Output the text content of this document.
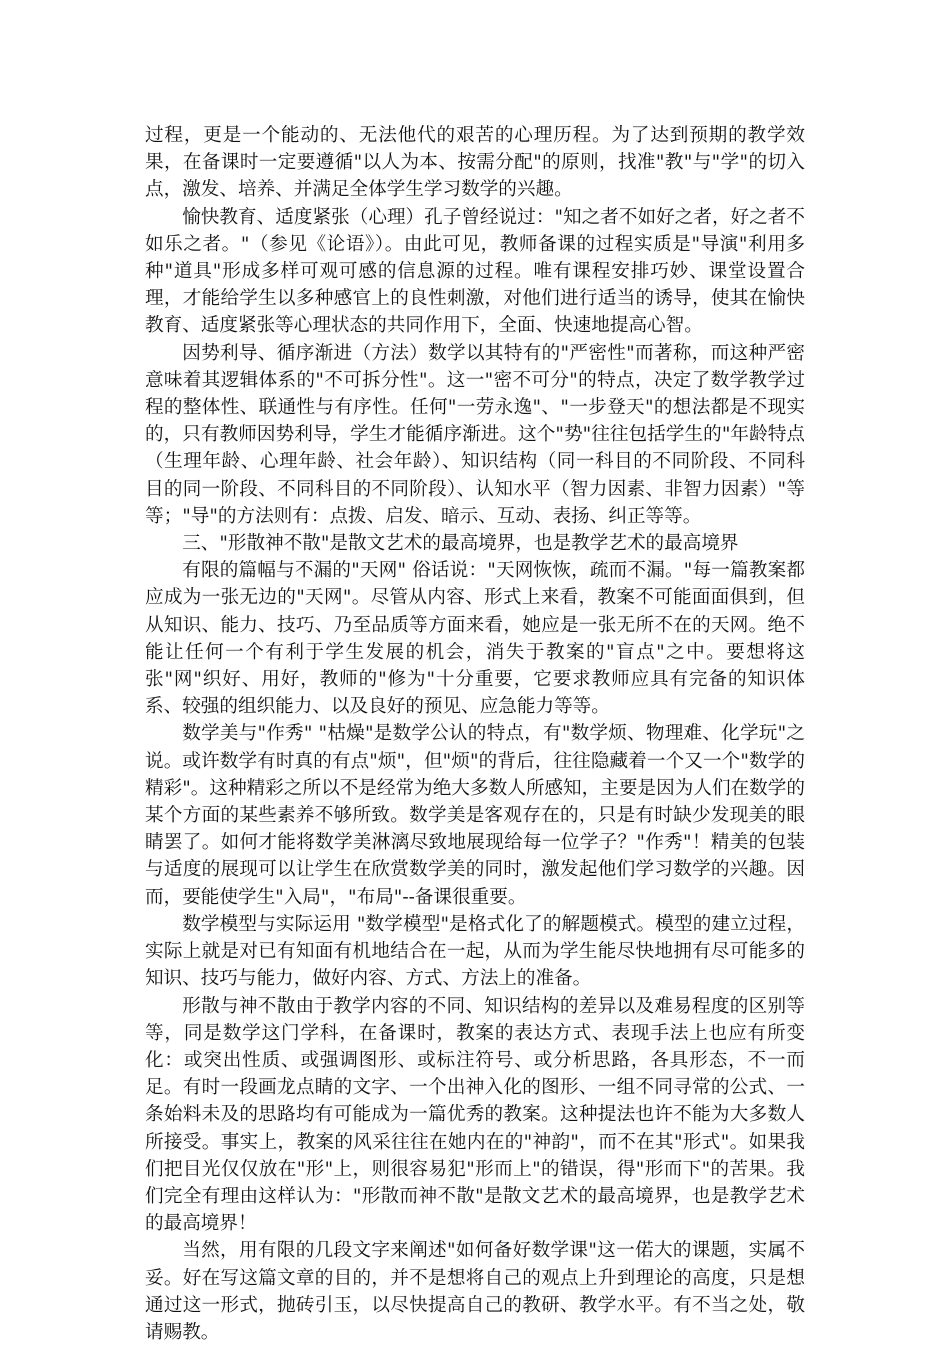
过程，更是一个能动的、无法他代的艰苦的心理历程。为了达到预期的教学效果，在备课时一定要遵循"以人为本、按需分配"的原则，找准"教"与"学"的切入点，激发、培养、并满足全体学生学习数学的兴趣。

愉快教育、适度紧张（心理）孔子曾经说过："知之者不如好之者，好之者不如乐之者。"（参见《论语》）。由此可见，教师备课的过程实质是"导演"利用多种"道具"形成多样可观可感的信息源的过程。唯有课程安排巧妙、课堂设置合理，才能给学生以多种感官上的良性刺激，对他们进行适当的诱导，使其在愉快教育、适度紧张等心理状态的共同作用下，全面、快速地提高心智。

因势利导、循序渐进（方法）数学以其特有的"严密性"而著称，而这种严密意味着其逻辑体系的"不可拆分性"。这一"密不可分"的特点，决定了数学教学过程的整体性、联通性与有序性。任何"一劳永逸"、"一步登天"的想法都是不现实的，只有教师因势利导，学生才能循序渐进。这个"势"往往包括学生的"年龄特点（生理年龄、心理年龄、社会年龄）、知识结构（同一科目的不同阶段、不同科目的同一阶段、不同科目的不同阶段）、认知水平（智力因素、非智力因素）"等等；"导"的方法则有：点拨、启发、暗示、互动、表扬、纠正等等。

三、"形散神不散"是散文艺术的最高境界，也是教学艺术的最高境界

有限的篇幅与不漏的"天网" 俗话说："天网恢恢，疏而不漏。"每一篇教案都应成为一张无边的"天网"。尽管从内容、形式上来看，教案不可能面面俱到，但从知识、能力、技巧、乃至品质等方面来看，她应是一张无所不在的天网。绝不能让任何一个有利于学生发展的机会，消失于教案的"盲点"之中。要想将这张"网"织好、用好，教师的"修为"十分重要，它要求教师应具有完备的知识体系、较强的组织能力、以及良好的预见、应急能力等等。

数学美与"作秀" "枯燥"是数学公认的特点，有"数学烦、物理难、化学玩"之说。或许数学有时真的有点"烦"，但"烦"的背后，往往隐藏着一个又一个"数学的精彩"。这种精彩之所以不是经常为绝大多数人所感知，主要是因为人们在数学的某个方面的某些素养不够所致。数学美是客观存在的，只是有时缺少发现美的眼睛罢了。如何才能将数学美淋漓尽致地展现给每一位学子？"作秀"！精美的包装与适度的展现可以让学生在欣赏数学美的同时，激发起他们学习数学的兴趣。因而，要能使学生"入局"，"布局"--备课很重要。

数学模型与实际运用 "数学模型"是格式化了的解题模式。模型的建立过程，实际上就是对已有知面有机地结合在一起，从而为学生能尽快地拥有尽可能多的知识、技巧与能力，做好内容、方式、方法上的准备。

形散与神不散由于教学内容的不同、知识结构的差异以及难易程度的区别等等，同是数学这门学科，在备课时，教案的表达方式、表现手法上也应有所变化：或突出性质、或强调图形、或标注符号、或分析思路，各具形态，不一而足。有时一段画龙点睛的文字、一个出神入化的图形、一组不同寻常的公式、一条始料未及的思路均有可能成为一篇优秀的教案。这种提法也许不能为大多数人所接受。事实上，教案的风采往往在她内在的"神韵"，而不在其"形式"。如果我们把目光仅仅放在"形"上，则很容易犯"形而上"的错误，得"形而下"的苦果。我们完全有理由这样认为："形散而神不散"是散文艺术的最高境界，也是教学艺术的最高境界！

当然，用有限的几段文字来阐述"如何备好数学课"这一偌大的课题，实属不妥。好在写这篇文章的目的，并不是想将自己的观点上升到理论的高度，只是想通过这一形式，抛砖引玉，以尽快提高自己的教研、教学水平。有不当之处，敬请赐教。
